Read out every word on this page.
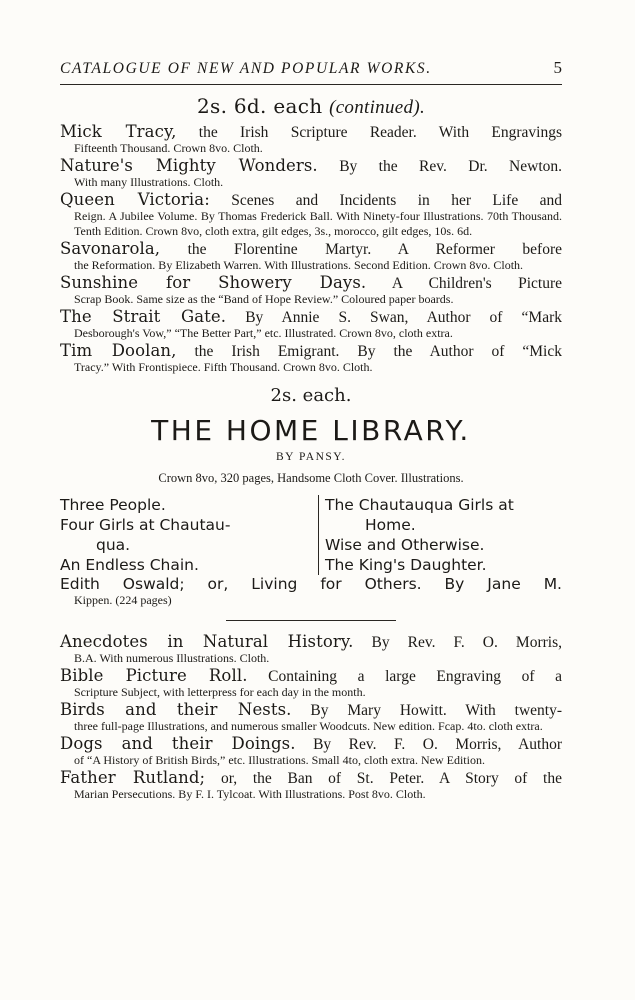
CATALOGUE OF NEW AND POPULAR WORKS.	5
2s. 6d. each (continued).
Mick Tracy, the Irish Scripture Reader. With Engravings
Fifteenth Thousand. Crown 8vo. Cloth.
Nature's Mighty Wonders. By the Rev. Dr. Newton.
With many Illustrations. Cloth.
Queen Victoria: Scenes and Incidents in her Life and
Reign. A Jubilee Volume. By Thomas Frederick Ball. With Ninety-four Illustrations. 70th Thousand. Tenth Edition. Crown 8vo, cloth extra, gilt edges, 3s., morocco, gilt edges, 10s. 6d.
Savonarola, the Florentine Martyr. A Reformer before
the Reformation. By Elizabeth Warren. With Illustrations. Second Edition. Crown 8vo. Cloth.
Sunshine for Showery Days. A Children's Picture
Scrap Book. Same size as the “Band of Hope Review.” Coloured paper boards.
The Strait Gate. By Annie S. Swan, Author of “Mark
Desborough's Vow,” “The Better Part,” etc. Illustrated. Crown 8vo, cloth extra.
Tim Doolan, the Irish Emigrant. By the Author of “Mick
Tracy.” With Frontispiece. Fifth Thousand. Crown 8vo. Cloth.
2s. each.
THE HOME LIBRARY.
BY PANSY.
Crown 8vo, 320 pages, Handsome Cloth Cover. Illustrations.
Three People.
Four Girls at Chautau-
qua.
An Endless Chain.
The Chautauqua Girls at
Home.
Wise and Otherwise.
The King's Daughter.
Edith Oswald; or, Living for Others. By Jane M.
Kippen. (224 pages)
Anecdotes in Natural History. By Rev. F. O. Morris,
B.A. With numerous Illustrations. Cloth.
Bible Picture Roll. Containing a large Engraving of a
Scripture Subject, with letterpress for each day in the month.
Birds and their Nests. By Mary Howitt. With twenty-
three full-page Illustrations, and numerous smaller Woodcuts. New edition. Fcap. 4to. cloth extra.
Dogs and their Doings. By Rev. F. O. Morris, Author
of “A History of British Birds,” etc. Illustrations. Small 4to, cloth extra. New Edition.
Father Rutland; or, the Ban of St. Peter. A Story of the
Marian Persecutions. By F. I. Tylcoat. With Illustrations. Post 8vo. Cloth.
